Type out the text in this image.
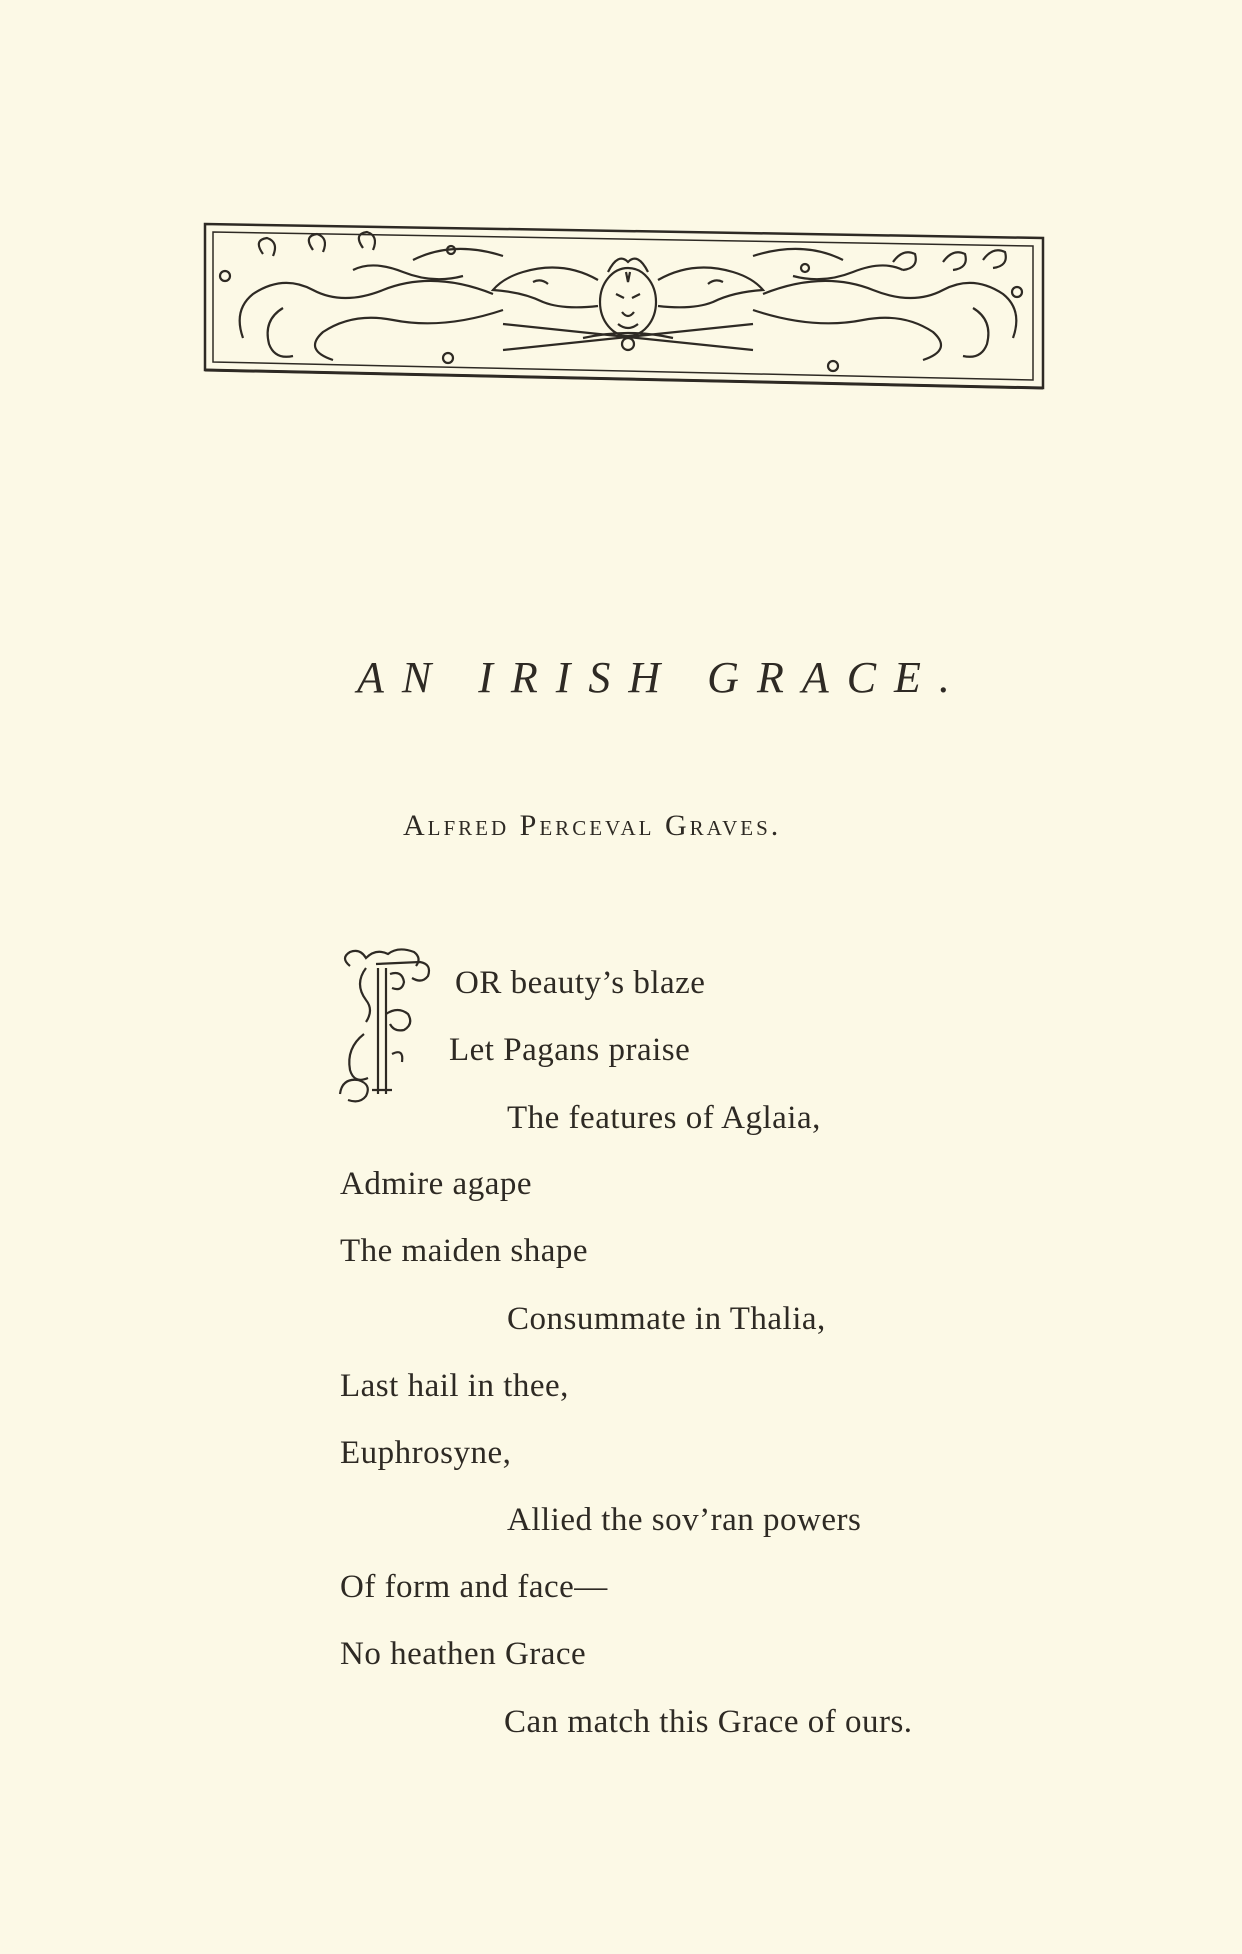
AN IRISH GRACE.
Alfred Perceval Graves.
OR beauty’s blaze
Let Pagans praise
The features of Aglaia,
Admire agape
The maiden shape
Consummate in Thalia,
Last hail in thee,
Euphrosyne,
Allied the sov’ran powers
Of form and face—
No heathen Grace
Can match this Grace of ours.
